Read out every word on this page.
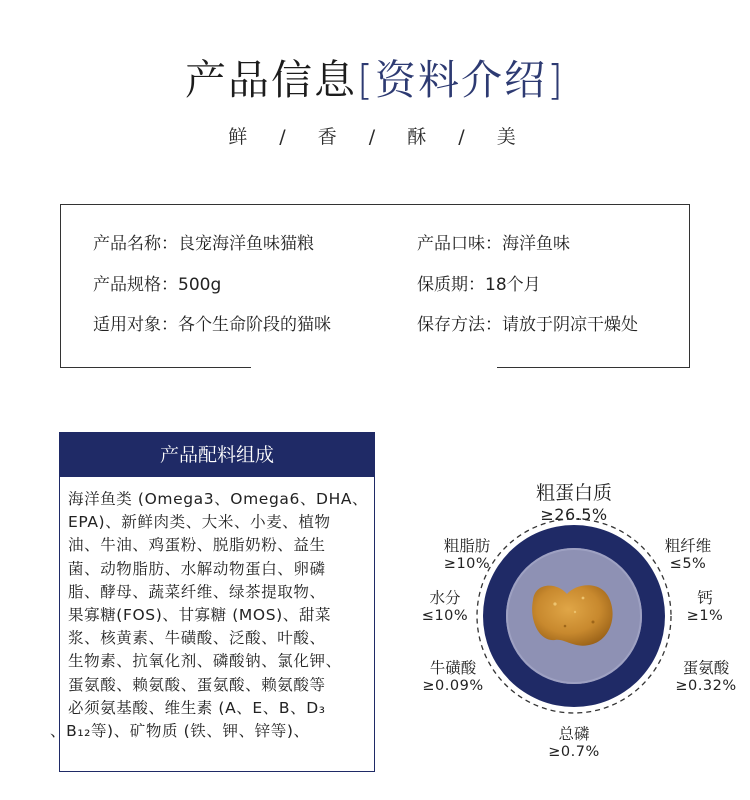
产品信息[资料介绍]
鲜 / 香 / 酥 / 美
产品名称：良宠海洋鱼味猫粮	产品口味：海洋鱼味
产品规格：500g	保质期：18个月
适用对象：各个生命阶段的猫咪	保存方法：请放于阴凉干燥处
产品配料组成
海洋鱼类 (Omega3、Omega6、DHA、
EPA)、新鲜肉类、大米、小麦、植物
油、牛油、鸡蛋粉、脱脂奶粉、益生
菌、动物脂肪、水解动物蛋白、卵磷
脂、酵母、蔬菜纤维、绿茶提取物、
果寡糖(FOS)、甘寡糖 (MOS)、甜菜
浆、核黄素、牛磺酸、泛酸、叶酸、
生物素、抗氧化剂、磷酸钠、氯化钾、
蛋氨酸、赖氨酸、蛋氨酸、赖氨酸等
必须氨基酸、维生素 (A、E、B、D₃
、B₁₂等)、矿物质 (铁、钾、锌等)、
粗蛋白质
≥26.5%
粗脂肪
≥10%
粗纤维
≤5%
水分
≤10%
钙
≥1%
牛磺酸
≥0.09%
蛋氨酸
≥0.32%
总磷
≥0.7%
